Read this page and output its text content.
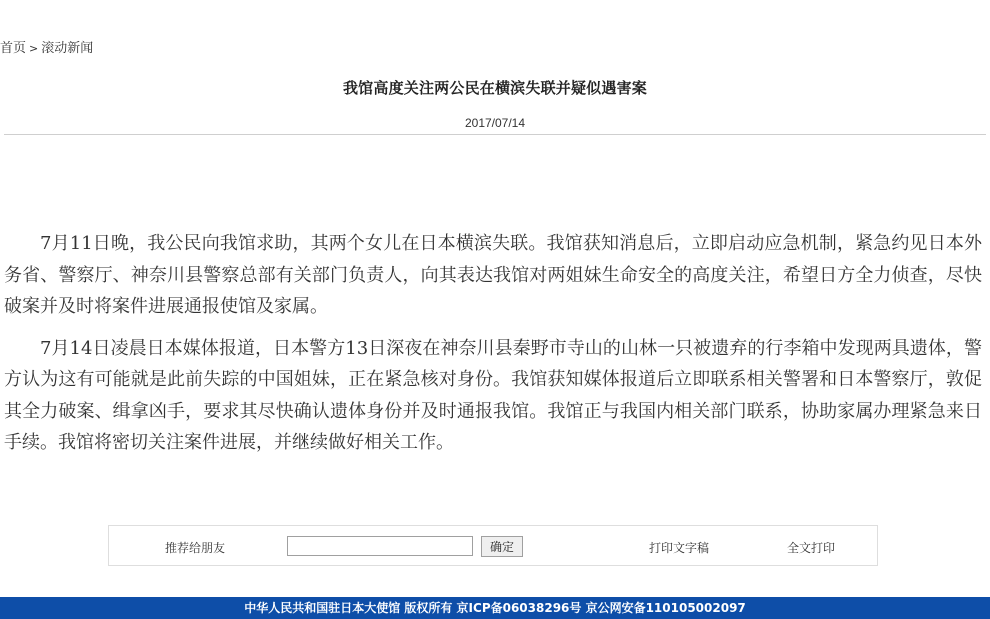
首页 > 滚动新闻
我馆高度关注两公民在横滨失联并疑似遇害案
2017/07/14

7月11日晚，我公民向我馆求助，其两个女儿在日本横滨失联。我馆获知消息后，立即启动应急机制，紧急约见日本外务省、警察厅、神奈川县警察总部有关部门负责人，向其表达我馆对两姐妹生命安全的高度关注，希望日方全力侦查，尽快破案并及时将案件进展通报使馆及家属。

7月14日凌晨日本媒体报道，日本警方13日深夜在神奈川县秦野市寺山的山林一只被遗弃的行李箱中发现两具遗体，警方认为这有可能就是此前失踪的中国姐妹，正在紧急核对身份。我馆获知媒体报道后立即联系相关警署和日本警察厅，敦促其全力破案、缉拿凶手，要求其尽快确认遗体身份并及时通报我馆。我馆正与我国内相关部门联系，协助家属办理紧急来日手续。我馆将密切关注案件进展，并继续做好相关工作。

推荐给朋友	确定	打印文字稿	全文打印
中华人民共和国驻日本大使馆 版权所有 京ICP备06038296号 京公网安备110105002097
